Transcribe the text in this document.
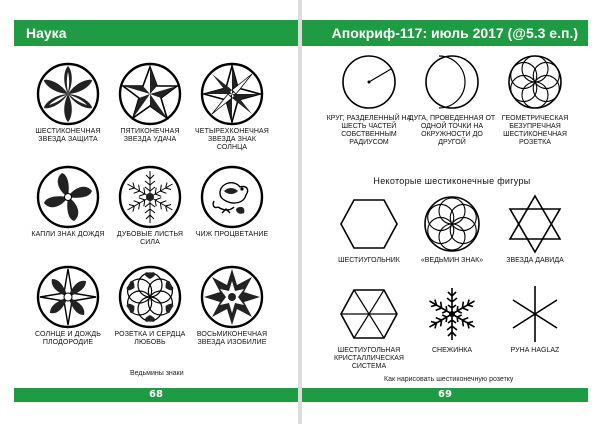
Наука
ШЕСТИКОНЕЧНАЯ ЗВЕЗДА ЗАЩИТА
ПЯТИКОНЕЧНАЯ ЗВЕЗДА УДАЧА
ЧЕТЫРЕХКОНЕЧНАЯ ЗВЕЗДА ЗНАК СОЛНЦА
КАПЛИ ЗНАК ДОЖДЯ	ДУБОВЫЕ ЛИСТЬЯ СИЛА
ЧИЖ ПРОЦВЕТАНИЕ
СОЛНЦЕ И ДОЖДЬ ПЛОДОРОДИЕ
РОЗЕТКА И СЕРДЦА ЛЮБОВЬ
ВОСЬМИКОНЕЧНАЯ ЗВЕЗДА ИЗОБИЛИЕ
Ведьмины знаки
68
Апокриф-117: июль 2017 (@5.3 е.п.)
КРУГ, РАЗДЕЛЕННЫЙ НА ШЕСТЬ ЧАСТЕЙ СОБСТВЕННЫМ РАДИУСОМ
ДУГА, ПРОВЕДЕННАЯ ОТ ОДНОЙ ТОЧКИ НА ОКРУЖНОСТИ ДО ДРУГОЙ
ГЕОМЕТРИЧЕСКАЯ БЕЗУПРЕЧНАЯ ШЕСТИКОНЕЧНАЯ РОЗЕТКА
Некоторые шестиконечные фигуры
ШЕСТИУГОЛЬНИК	«ВЕДЬМИН ЗНАК»	ЗВЕЗДА ДАВИДА
ШЕСТИУГОЛЬНАЯ КРИСТАЛЛИЧЕСКАЯ СИСТЕМА
СНЕЖИНКА	РУНА HAGLAZ
Как нарисовать шестиконечную розетку
69
